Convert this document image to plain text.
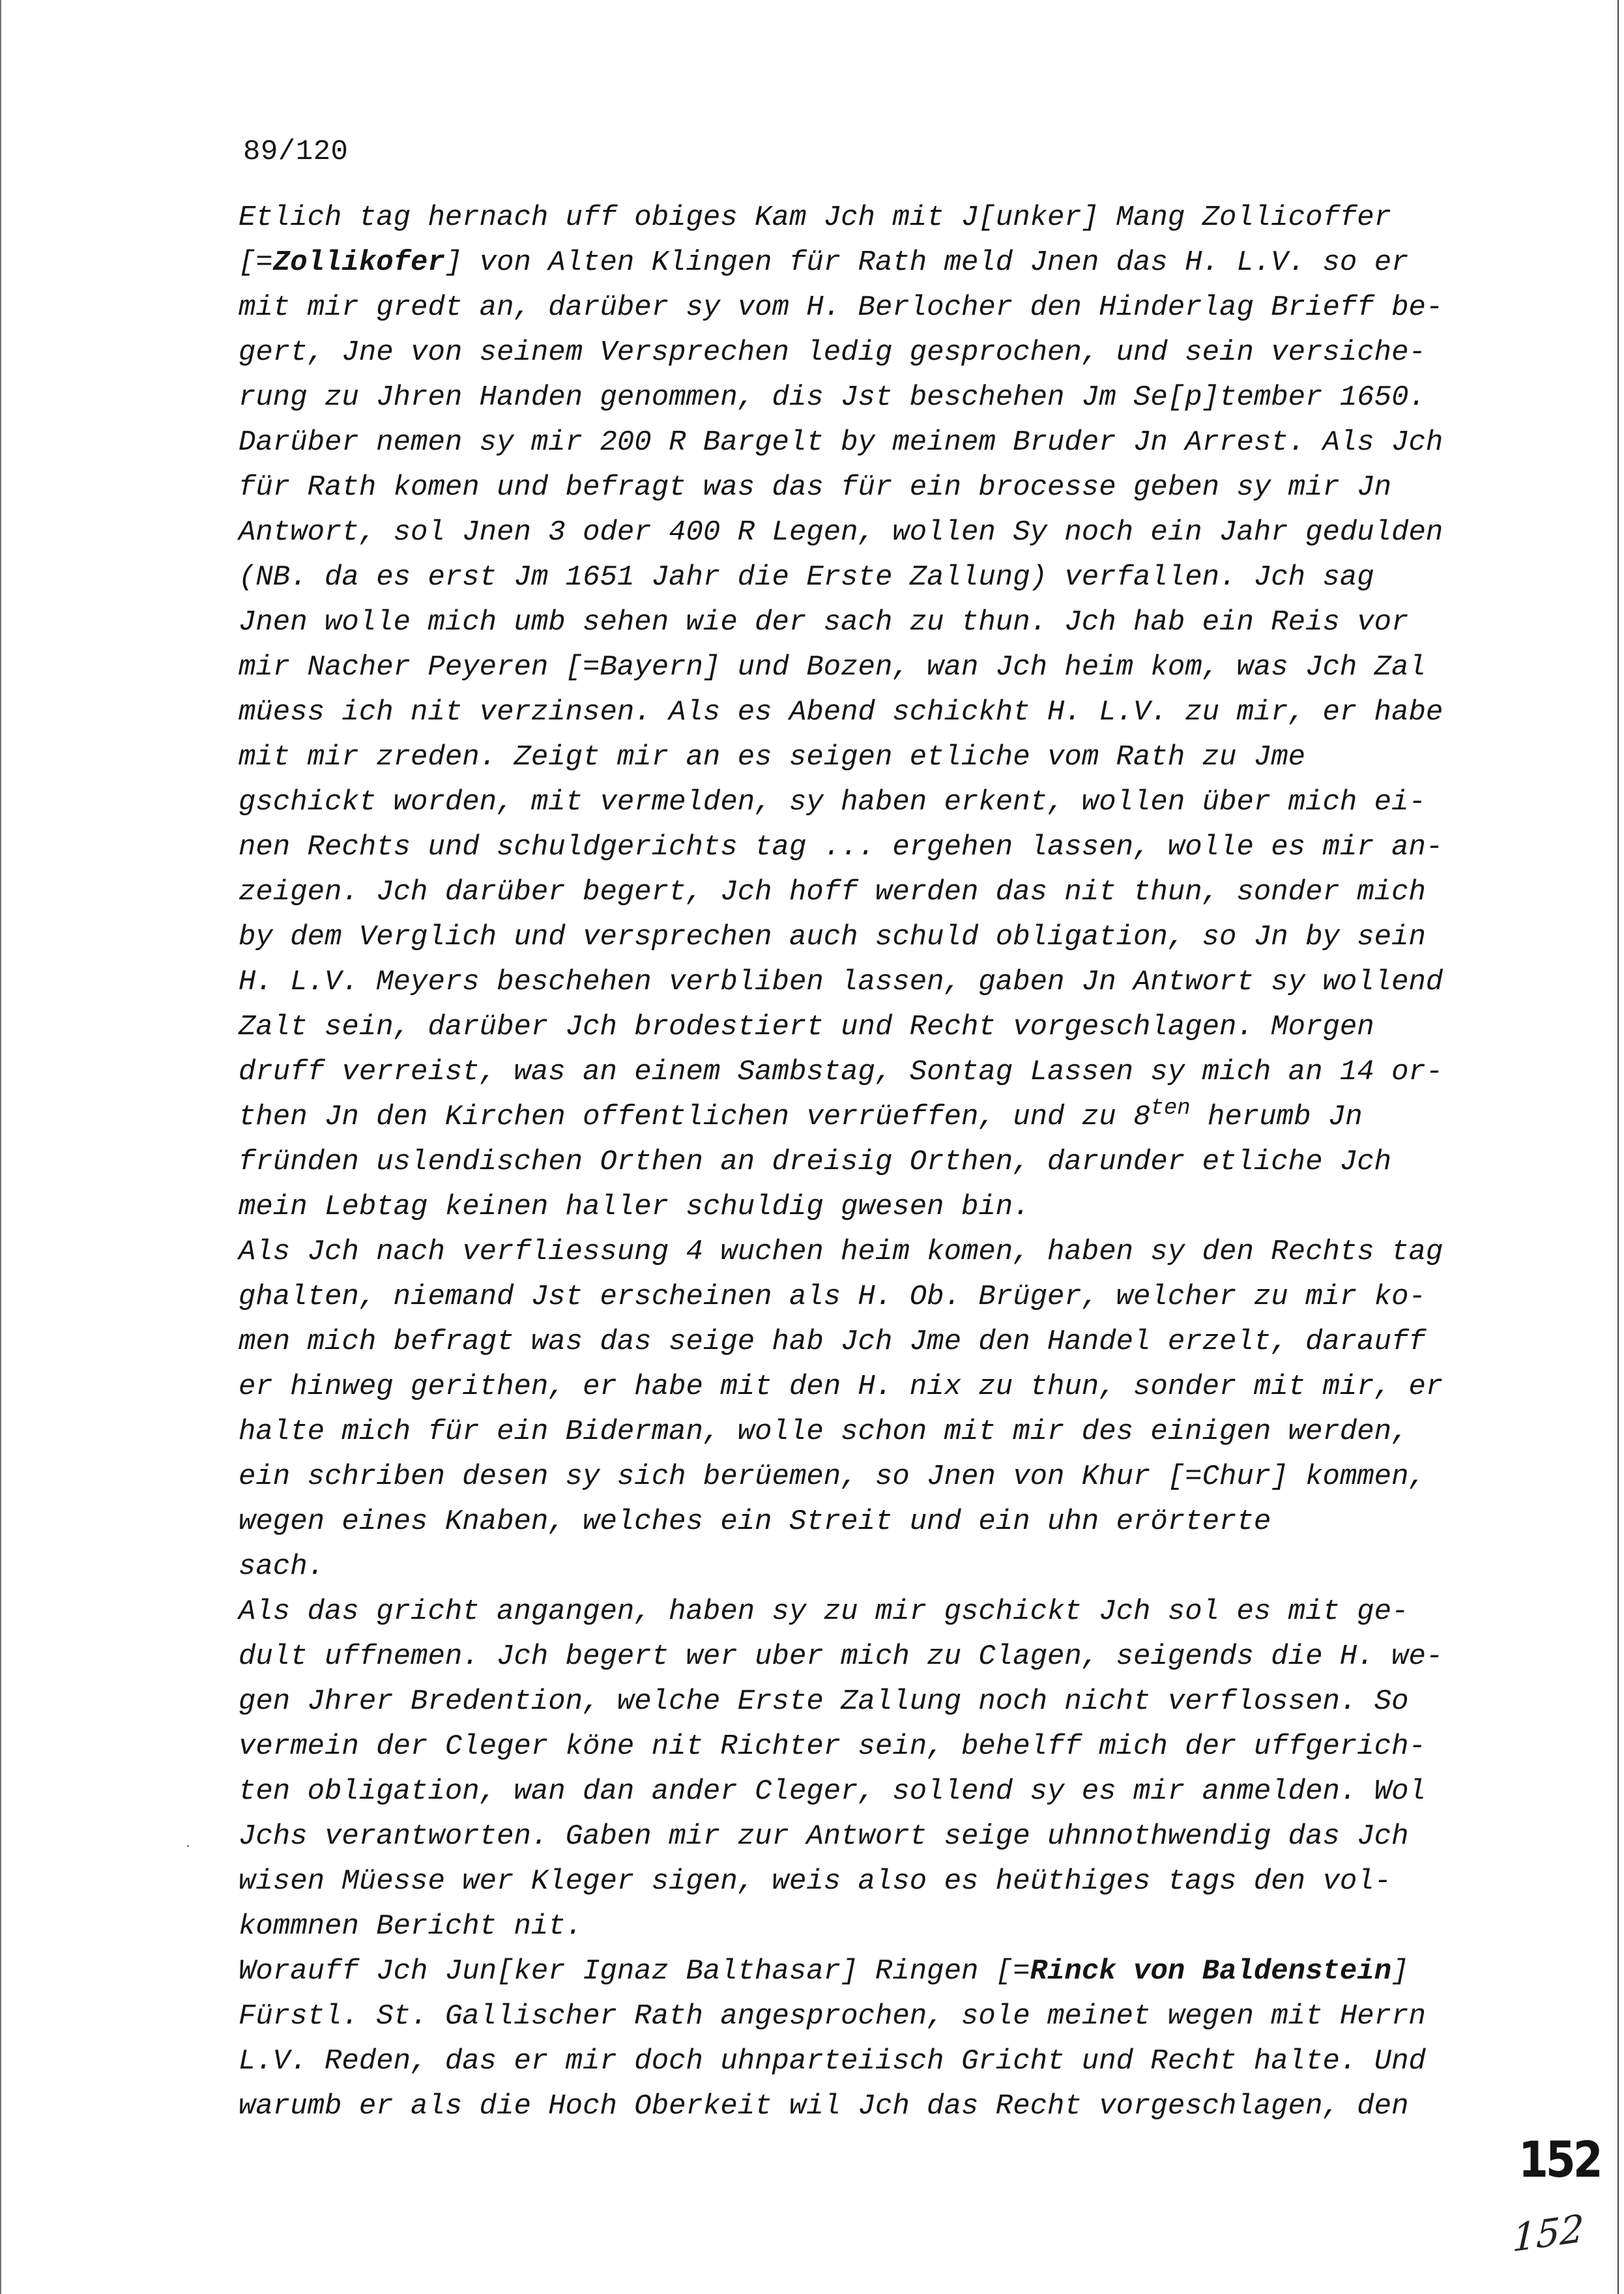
89/120
Etlich tag hernach uff obiges Kam Jch mit J[unker] Mang Zollicoffer
[=Zollikofer] von Alten Klingen für Rath meld Jnen das H. L.V. so er
mit mir gredt an, darüber sy vom H. Berlocher den Hinderlag Brieff be-
gert, Jne von seinem Versprechen ledig gesprochen, und sein versiche-
rung zu Jhren Handen genommen, dis Jst beschehen Jm Se[p]tember 1650.
Darüber nemen sy mir 200 R Bargelt by meinem Bruder Jn Arrest. Als Jch
für Rath komen und befragt was das für ein brocesse geben sy mir Jn
Antwort, sol Jnen 3 oder 400 R Legen, wollen Sy noch ein Jahr gedulden
(NB. da es erst Jm 1651 Jahr die Erste Zallung) verfallen. Jch sag
Jnen wolle mich umb sehen wie der sach zu thun. Jch hab ein Reis vor
mir Nacher Peyeren [=Bayern] und Bozen, wan Jch heim kom, was Jch Zal
müess ich nit verzinsen. Als es Abend schickht H. L.V. zu mir, er habe
mit mir zreden. Zeigt mir an es seigen etliche vom Rath zu Jme
gschickt worden, mit vermelden, sy haben erkent, wollen über mich ei-
nen Rechts und schuldgerichts tag ... ergehen lassen, wolle es mir an-
zeigen. Jch darüber begert, Jch hoff werden das nit thun, sonder mich
by dem Verglich und versprechen auch schuld obligation, so Jn by sein
H. L.V. Meyers beschehen verbliben lassen, gaben Jn Antwort sy wollend
Zalt sein, darüber Jch brodestiert und Recht vorgeschlagen. Morgen
druff verreist, was an einem Sambstag, Sontag Lassen sy mich an 14 or-
then Jn den Kirchen offentlichen verrüeffen, und zu $8^{ten}$ herumb Jn
fründen uslendischen Orthen an dreisig Orthen, darunder etliche Jch
mein Lebtag keinen haller schuldig gwesen bin.
Als Jch nach verfliessung 4 wuchen heim komen, haben sy den Rechts tag
ghalten, niemand Jst erscheinen als H. Ob. Brüger, welcher zu mir ko-
men mich befragt was das seige hab Jch Jme den Handel erzelt, darauff
er hinweg gerithen, er habe mit den H. nix zu thun, sonder mit mir, er
halte mich für ein Biderman, wolle schon mit mir des einigen werden,
ein schriben desen sy sich berüemen, so Jnen von Khur [=Chur] kommen,
wegen eines Knaben, welches ein Streit und ein uhn erörterte
sach.
Als das gricht angangen, haben sy zu mir gschickt Jch sol es mit ge-
dult uffnemen. Jch begert wer uber mich zu Clagen, seigends die H. we-
gen Jhrer Bredention, welche Erste Zallung noch nicht verflossen. So
vermein der Cleger köne nit Richter sein, behelff mich der uffgerich-
ten obligation, wan dan ander Cleger, sollend sy es mir anmelden. Wol
Jchs verantworten. Gaben mir zur Antwort seige uhnnothwendig das Jch
wisen Müesse wer Kleger sigen, weis also es heüthiges tags den vol-
kommnen Bericht nit.
Worauff Jch Jun[ker Ignaz Balthasar] Ringen [=Rinck von Baldenstein]
Fürstl. St. Gallischer Rath angesprochen, sole meinet wegen mit Herrn
L.V. Reden, das er mir doch uhnparteiisch Gricht und Recht halte. Und
warumb er als die Hoch Oberkeit wil Jch das Recht vorgeschlagen, den
152
152
